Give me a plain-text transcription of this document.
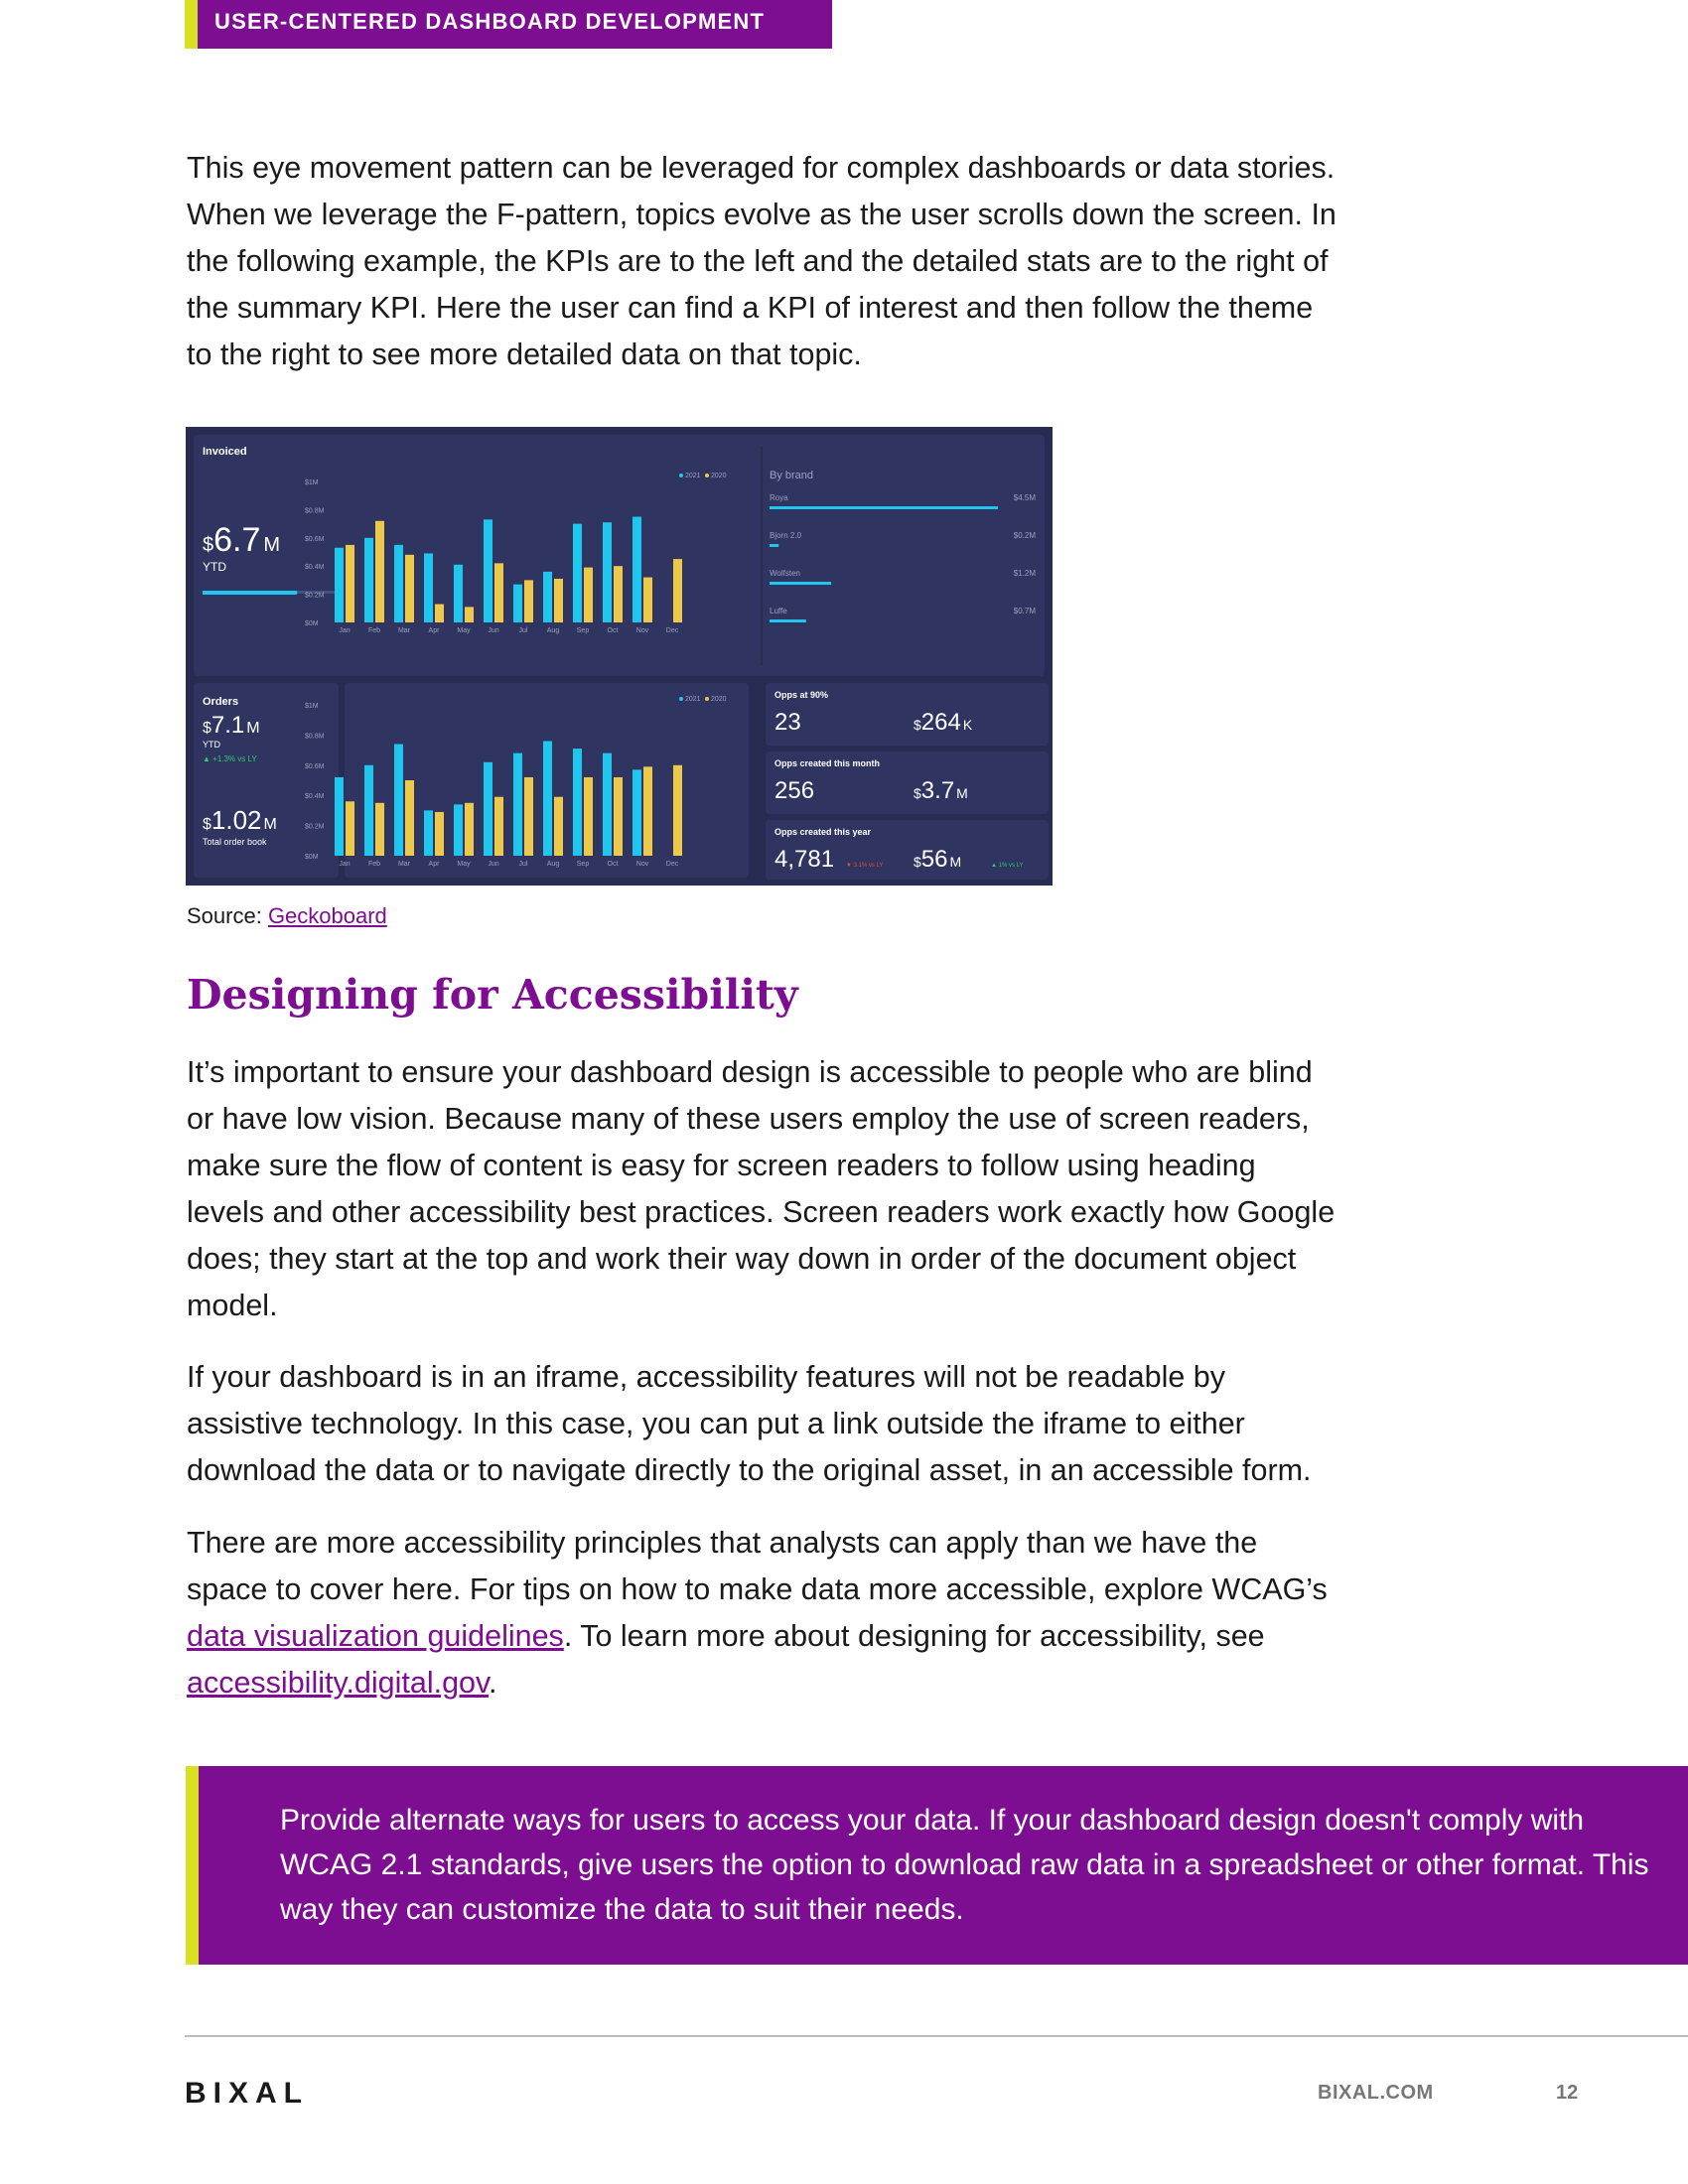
USER-CENTERED DASHBOARD DEVELOPMENT

This eye movement pattern can be leveraged for complex dashboards or data stories. When we leverage the F-pattern, topics evolve as the user scrolls down the screen. In the following example, the KPIs are to the left and the detailed stats are to the right of the summary KPI. Here the user can find a KPI of interest and then follow the theme to the right to see more detailed data on that topic.

Invoiced
$6.7 M
YTD
Orders
$7.1 M
YTD
▲ +1.3% vs LY
$1.02 M
Total order book
$0M
$0.2M
$0.4M
$0.6M
$0.8M
$1M
2021 2020
Jan	Feb	Mar	Apr	May	Jun	Jul	Aug	Sep	Oct	Nov	Dec
$0M
$0.2M
$0.4M
$0.6M
$0.8M
$1M
2021 2020
Jan	Feb	Mar	Apr	May	Jun	Jul	Aug	Sep	Oct	Nov	Dec
By brand
Roya	$4.5M
Bjorn 2.0	$0.2M
Wolfsten	$1.2M
Luffe	$0.7M
Opps at 90%
23	$264 K
Opps created this month
256	$3.7 M
Opps created this year
4,781	$56 M
▼ 3.1% vs LY	▲ 1% vs LY
Source: Geckoboard
Designing for Accessibility

It’s important to ensure your dashboard design is accessible to people who are blind or have low vision. Because many of these users employ the use of screen readers, make sure the flow of content is easy for screen readers to follow using heading levels and other accessibility best practices. Screen readers work exactly how Google does; they start at the top and work their way down in order of the document object model.

If your dashboard is in an iframe, accessibility features will not be readable by assistive technology. In this case, you can put a link outside the iframe to either download the data or to navigate directly to the original asset, in an accessible form.

There are more accessibility principles that analysts can apply than we have the space to cover here. For tips on how to make data more accessible, explore WCAG’s data visualization guidelines. To learn more about designing for accessibility, see accessibility.digital.gov.

Provide alternate ways for users to access your data. If your dashboard design doesn't comply with WCAG 2.1 standards, give users the option to download raw data in a spreadsheet or other format. This way they can customize the data to suit their needs.

BIXAL	BIXAL.COM	12
